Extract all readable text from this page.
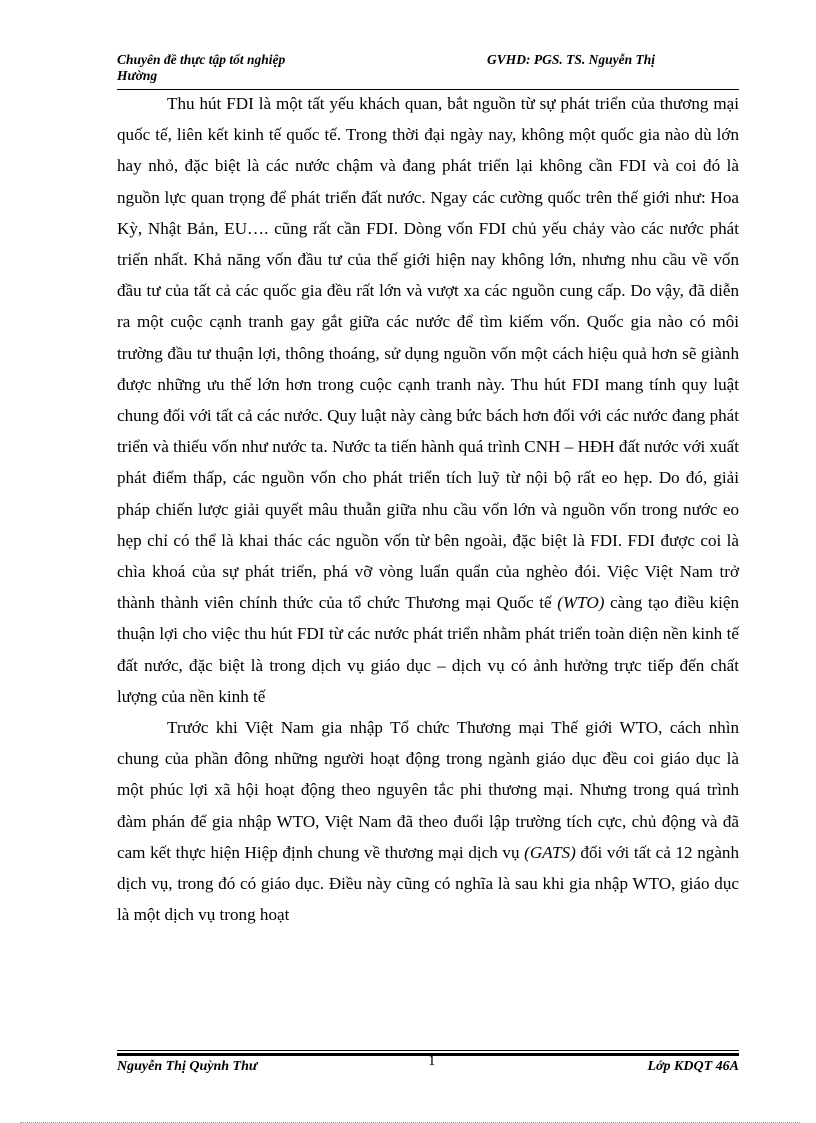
Chuyên đề thực tập tốt nghiệp
Hường
GVHD: PGS. TS. Nguyễn Thị

Thu hút FDI là một tất yếu khách quan, bắt nguồn từ sự phát triển của thương mại quốc tế, liên kết kinh tế quốc tế. Trong thời đại ngày nay, không một quốc gia nào dù lớn hay nhỏ, đặc biệt là các nước chậm và đang phát triển lại không cần FDI và coi đó là nguồn lực quan trọng để phát triển đất nước. Ngay các cường quốc trên thế giới như: Hoa Kỳ, Nhật Bản, EU…. cũng rất cần FDI. Dòng vốn FDI chủ yếu chảy vào các nước phát triển nhất. Khả năng vốn đầu tư của thế giới hiện nay không lớn, nhưng nhu cầu về vốn đầu tư của tất cả các quốc gia đều rất lớn và vượt xa các nguồn cung cấp. Do vậy, đã diễn ra một cuộc cạnh tranh gay gắt giữa các nước để tìm kiếm vốn. Quốc gia nào có môi trường đầu tư thuận lợi, thông thoáng, sử dụng nguồn vốn một cách hiệu quả hơn sẽ giành được những ưu thế lớn hơn trong cuộc cạnh tranh này. Thu hút FDI mang tính quy luật chung đối với tất cả các nước. Quy luật này càng bức bách hơn đối với các nước đang phát triển và thiếu vốn như nước ta. Nước ta tiến hành quá trình CNH – HĐH đất nước với xuất phát điểm thấp, các nguồn vốn cho phát triển tích luỹ từ nội bộ rất eo hẹp. Do đó, giải pháp chiến lược giải quyết mâu thuẫn giữa nhu cầu vốn lớn và nguồn vốn trong nước eo hẹp chỉ có thể là khai thác các nguồn vốn từ bên ngoài, đặc biệt là FDI. FDI được coi là chìa khoá của sự phát triển, phá vỡ vòng luẩn quẩn của nghèo đói. Việc Việt Nam trở thành thành viên chính thức của tổ chức Thương mại Quốc tế (WTO) càng tạo điều kiện thuận lợi cho việc thu hút FDI từ các nước phát triển nhằm phát triển toàn diện nền kinh tế đất nước, đặc biệt là trong dịch vụ giáo dục – dịch vụ có ảnh hưởng trực tiếp đến chất lượng của nền kinh tế

Trước khi Việt Nam gia nhập Tổ chức Thương mại Thế giới WTO, cách nhìn chung của phần đông những người hoạt động trong ngành giáo dục đều coi giáo dục là một phúc lợi xã hội hoạt động theo nguyên tắc phi thương mại. Nhưng trong quá trình đàm phán để gia nhập WTO, Việt Nam đã theo đuổi lập trường tích cực, chủ động và đã cam kết thực hiện Hiệp định chung về thương mại dịch vụ (GATS) đối với tất cả 12 ngành dịch vụ, trong đó có giáo dục. Điều này cũng có nghĩa là sau khi gia nhập WTO, giáo dục là một dịch vụ trong hoạt

Nguyễn Thị Quỳnh Thư	1	Lớp KDQT 46A
